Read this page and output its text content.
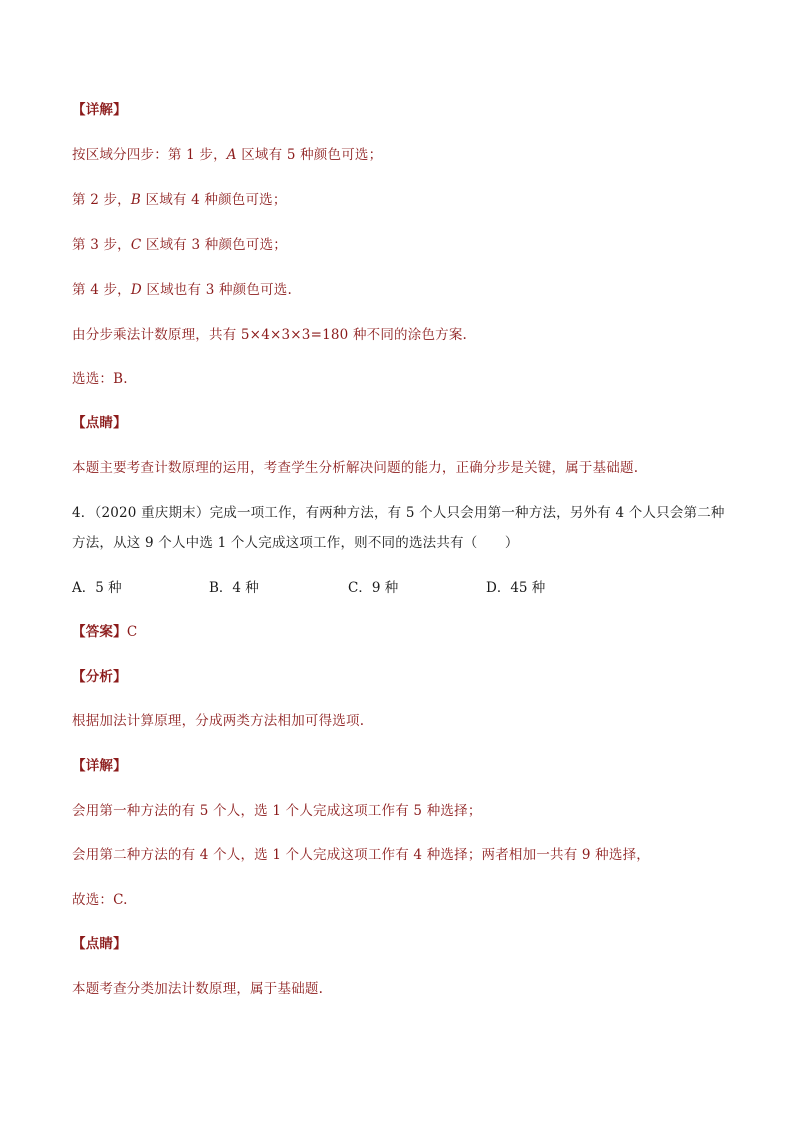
【详解】
按区域分四步：第 1 步，A 区域有 5 种颜色可选；
第 2 步，B 区域有 4 种颜色可选；
第 3 步，C 区域有 3 种颜色可选；
第 4 步，D 区域也有 3 种颜色可选.
由分步乘法计数原理，共有 5×4×3×3=180 种不同的涂色方案.
选选：B.
【点睛】
本题主要考查计数原理的运用，考查学生分析解决问题的能力，正确分步是关键，属于基础题.
4．（2020 重庆期末）完成一项工作，有两种方法，有 5 个人只会用第一种方法，另外有 4 个人只会第二种
方法，从这 9 个人中选 1 个人完成这项工作，则不同的选法共有（　　）
A．5 种	B．4 种	C．9 种	D．45 种
【答案】C
【分析】
根据加法计算原理，分成两类方法相加可得选项.
【详解】
会用第一种方法的有 5 个人，选 1 个人完成这项工作有 5 种选择；
会用第二种方法的有 4 个人，选 1 个人完成这项工作有 4 种选择；两者相加一共有 9 种选择，
故选：C.
【点睛】
本题考查分类加法计数原理，属于基础题.
